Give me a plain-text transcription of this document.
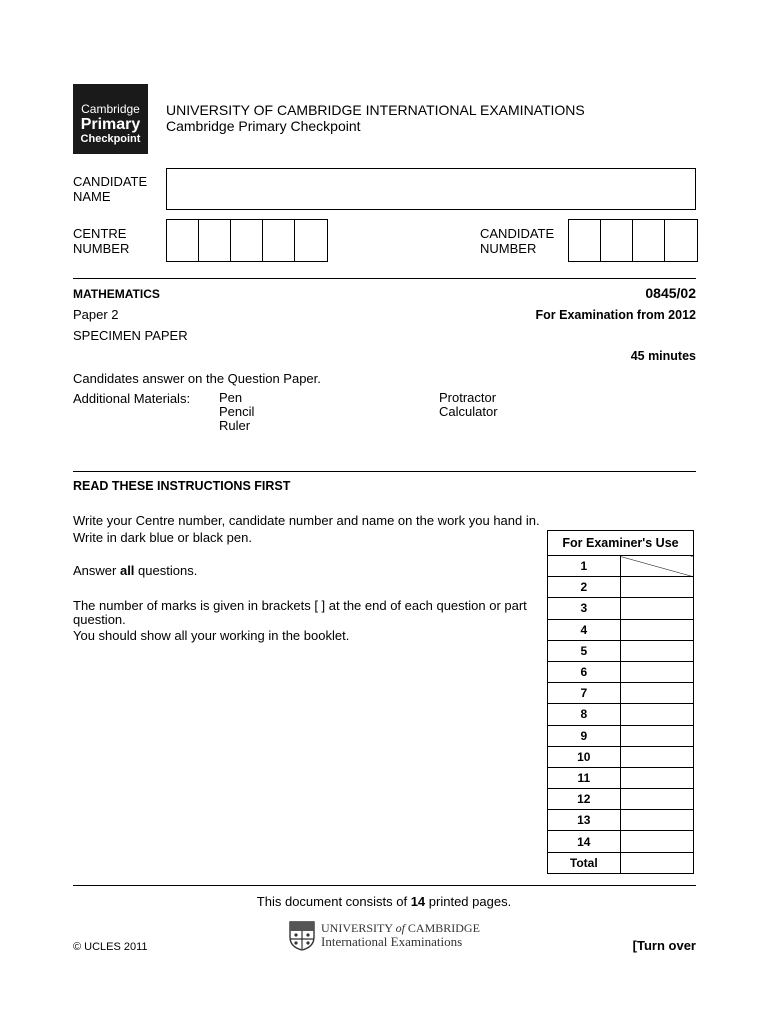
Cambridge
Primary
Checkpoint
UNIVERSITY OF CAMBRIDGE INTERNATIONAL EXAMINATIONS
Cambridge Primary Checkpoint
CANDIDATE
NAME
CENTRE
NUMBER
CANDIDATE
NUMBER
MATHEMATICS	0845/02
Paper 2	For Examination from 2012
SPECIMEN PAPER
45 minutes
Candidates answer on the Question Paper.
Additional Materials: Pen
Pencil
Ruler
Protractor
Calculator
READ THESE INSTRUCTIONS FIRST
Write your Centre number, candidate number and name on the work you hand in.
Write in dark blue or black pen.
Answer all questions.
The number of marks is given in brackets [ ] at the end of each question or part
question.
You should show all your working in the booklet.
For Examiner's Use	
1	
2	
3	
4	
5	
6	
7	
8	
9	
10	
11	
12	
13	
14	
Total	
This document consists of 14 printed pages.
UNIVERSITY of CAMBRIDGE
International Examinations
© UCLES 2011	[Turn over
